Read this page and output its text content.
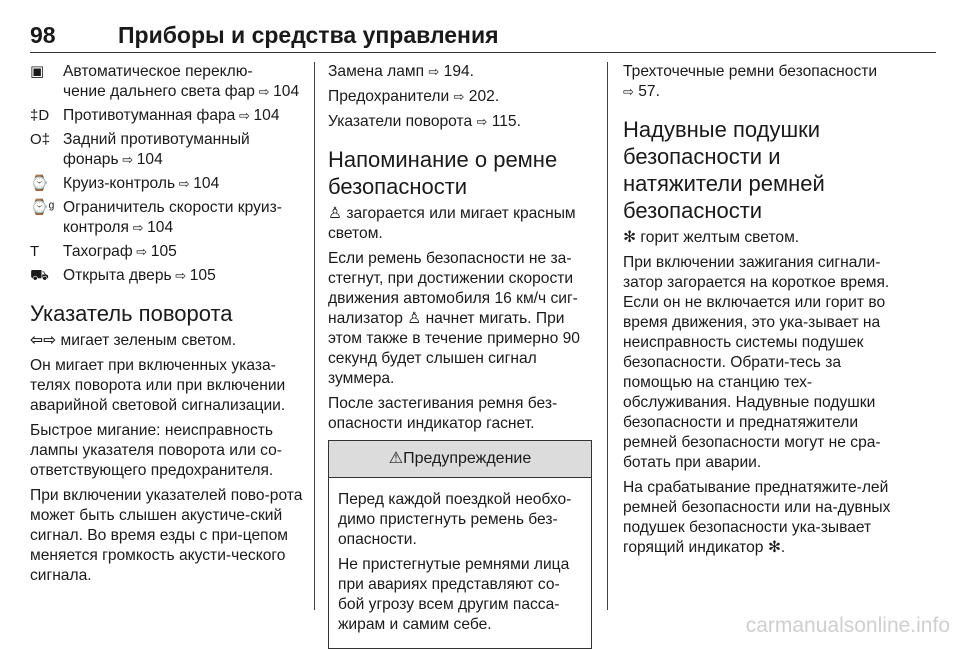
98	Приборы и средства управления
▣	Автоматическое переклю-
чение дальнего света фар ⇨ 104
‡D Противотуманная фара ⇨ 104
O‡ Задний противотуманный
фонарь ⇨ 104
⌚ Круиз-контроль ⇨ 104
⌚ᵍ Ограничитель скорости круиз-
контроля ⇨ 104
T	Тахограф ⇨ 105
⛟ Открыта дверь ⇨ 105
Указатель поворота

⇦⇨ мигает зеленым светом.

Он мигает при включенных указа-телях поворота или при включении аварийной световой сигнализации.

Быстрое мигание: неисправность лампы указателя поворота или со-ответствующего предохранителя.

При включении указателей пово-рота может быть слышен акустиче-ский сигнал. Во время езды с при-цепом меняется громкость акусти-ческого сигнала.

Замена ламп ⇨ 194.

Предохранители ⇨ 202.

Указатели поворота ⇨ 115.

Напоминание о ремне безопасности

♙ загорается или мигает красным светом.

Если ремень безопасности не за-стегнут, при достижении скорости движения автомобиля 16 км/ч сиг-нализатор ♙ начнет мигать. При этом также в течение примерно 90 секунд будет слышен сигнал зуммера.

После застегивания ремня без-опасности индикатор гаснет.

⚠Предупреждение

Перед каждой поездкой необхо-димо пристегнуть ремень без-опасности.

Не пристегнутые ремнями лица при авариях представляют со-бой угрозу всем другим пасса-жирам и самим себе.

Трехточечные ремни безопасности
⇨ 57.

Надувные подушки безопасности и натяжители ремней безопасности

✻ горит желтым светом.

При включении зажигания сигнали-затор загорается на короткое время. Если он не включается или горит во время движения, это ука-зывает на неисправность системы подушек безопасности. Обрати-тесь за помощью на станцию тех-обслуживания. Надувные подушки безопасности и преднатяжители ремней безопасности могут не сра-ботать при аварии.

На срабатывание преднатяжите-лей ремней безопасности или на-дувных подушек безопасности ука-зывает горящий индикатор ✻.

carmanualsonline.info
